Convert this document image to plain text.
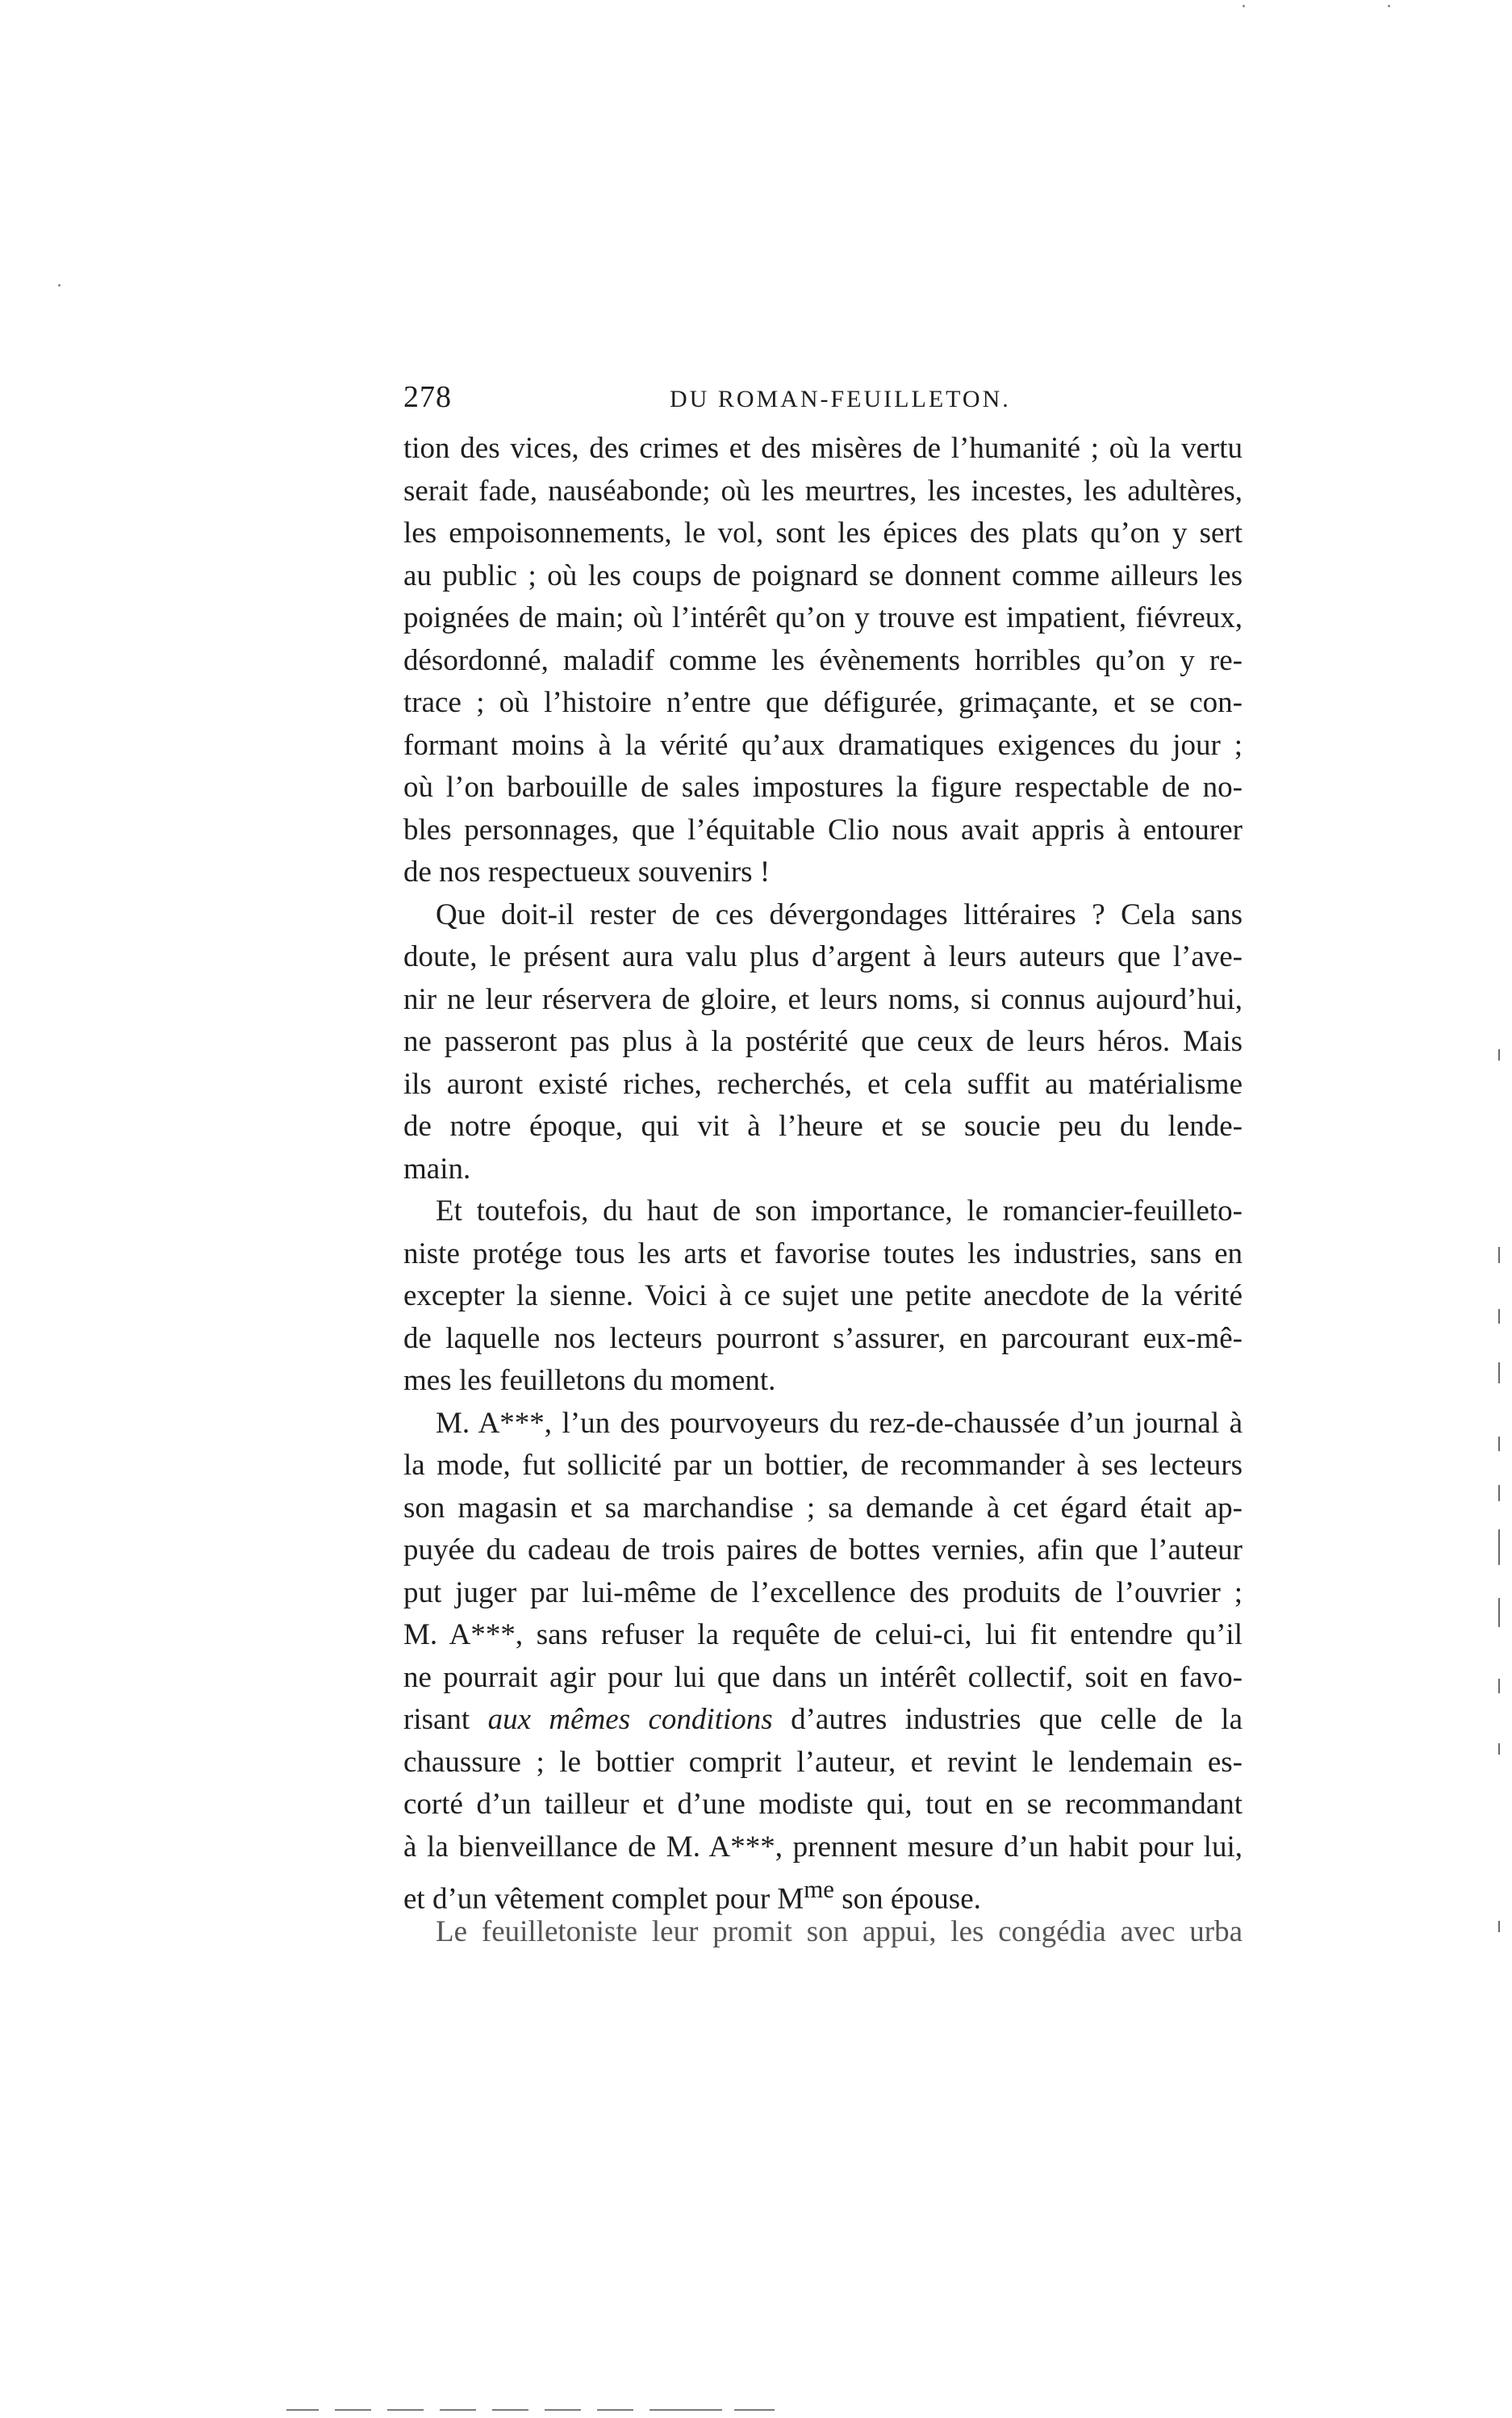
278	DU ROMAN-FEUILLETON.
tion des vices, des crimes et des misères de l’humanité ; où la vertu
serait fade, nauséabonde; où les meurtres, les incestes, les adultères,
les empoisonnements, le vol, sont les épices des plats qu’on y sert
au public ; où les coups de poignard se donnent comme ailleurs les
poignées de main; où l’intérêt qu’on y trouve est impatient, fiévreux,
désordonné, maladif comme les évènements horribles qu’on y re-
trace ; où l’histoire n’entre que défigurée, grimaçante, et se con-
formant moins à la vérité qu’aux dramatiques exigences du jour ;
où l’on barbouille de sales impostures la figure respectable de no-
bles personnages, que l’équitable Clio nous avait appris à entourer
de nos respectueux souvenirs !
Que doit-il rester de ces dévergondages littéraires ? Cela sans
doute, le présent aura valu plus d’argent à leurs auteurs que l’ave-
nir ne leur réservera de gloire, et leurs noms, si connus aujourd’hui,
ne passeront pas plus à la postérité que ceux de leurs héros. Mais
ils auront existé riches, recherchés, et cela suffit au matérialisme
de notre époque, qui vit à l’heure et se soucie peu du lende-
main.
Et toutefois, du haut de son importance, le romancier-feuilleto-
niste protége tous les arts et favorise toutes les industries, sans en
excepter la sienne. Voici à ce sujet une petite anecdote de la vérité
de laquelle nos lecteurs pourront s’assurer, en parcourant eux-mê-
mes les feuilletons du moment.
M. A***, l’un des pourvoyeurs du rez-de-chaussée d’un journal à
la mode, fut sollicité par un bottier, de recommander à ses lecteurs
son magasin et sa marchandise ; sa demande à cet égard était ap-
puyée du cadeau de trois paires de bottes vernies, afin que l’auteur
put juger par lui-même de l’excellence des produits de l’ouvrier ;
M. A***, sans refuser la requête de celui-ci, lui fit entendre qu’il
ne pourrait agir pour lui que dans un intérêt collectif, soit en favo-
risant aux mêmes conditions d’autres industries que celle de la
chaussure ; le bottier comprit l’auteur, et revint le lendemain es-
corté d’un tailleur et d’une modiste qui, tout en se recommandant
à la bienveillance de M. A***, prennent mesure d’un habit pour lui,
et d’un vêtement complet pour $M^{me}$ son épouse.
Le feuilletoniste leur promit son appui, les congédia avec urba
